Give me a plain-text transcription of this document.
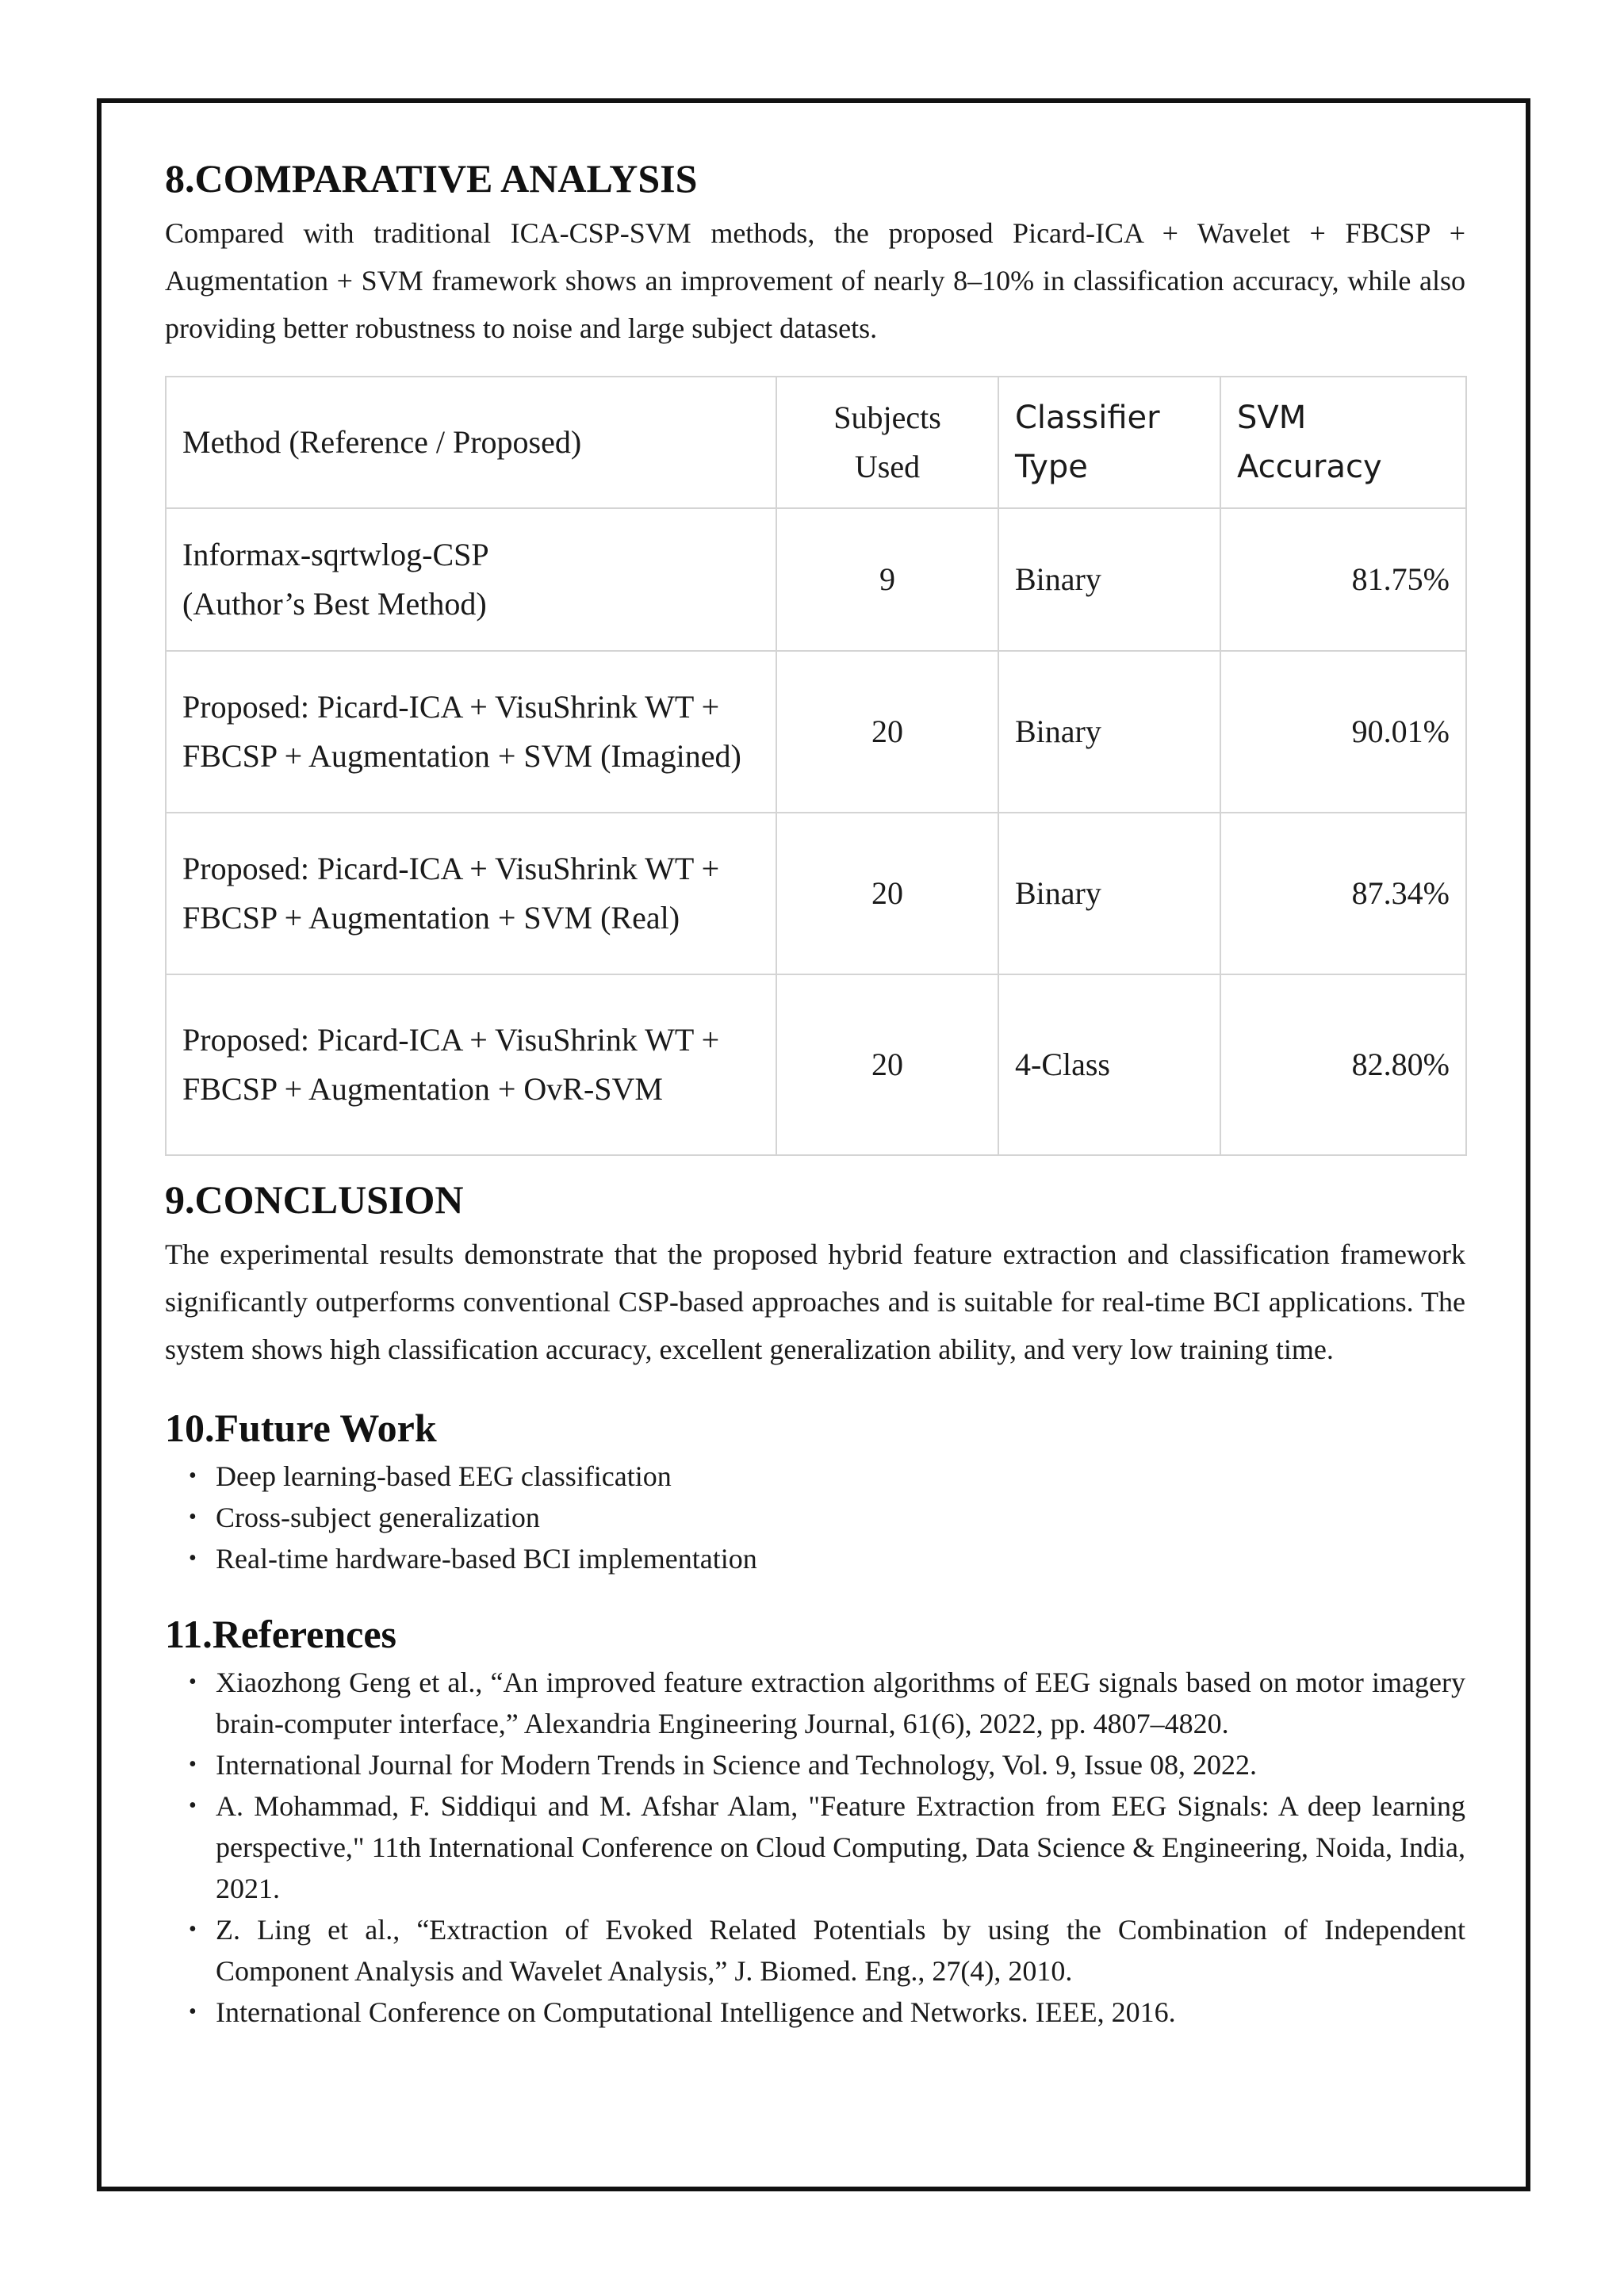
8.COMPARATIVE ANALYSIS

Compared with traditional ICA-CSP-SVM methods, the proposed Picard-ICA + Wavelet + FBCSP + Augmentation + SVM framework shows an improvement of nearly 8–10% in classification accuracy, while also providing better robustness to noise and large subject datasets.

Method (Reference / Proposed)	Subjects Used	Classifier Type	SVM Accuracy

Informax-sqrtwlog-CSP (Author’s Best Method)	9	Binary	81.75%
Proposed: Picard-ICA + VisuShrink WT + FBCSP + Augmentation + SVM (Imagined)	20	Binary	90.01%
Proposed: Picard-ICA + VisuShrink WT + FBCSP + Augmentation + SVM (Real)	20	Binary	87.34%
Proposed: Picard-ICA + VisuShrink WT + FBCSP + Augmentation + OvR-SVM	20	4-Class	82.80%
9.CONCLUSION

The experimental results demonstrate that the proposed hybrid feature extraction and classification framework significantly outperforms conventional CSP-based approaches and is suitable for real-time BCI applications. The system shows high classification accuracy, excellent generalization ability, and very low training time.

10.Future Work
• Deep learning-based EEG classification
• Cross-subject generalization
• Real-time hardware-based BCI implementation
11.References
• Xiaozhong Geng et al., “An improved feature extraction algorithms of EEG signals based on motor imagery brain-computer interface,” Alexandria Engineering Journal, 61(6), 2022, pp. 4807–4820.
• International Journal for Modern Trends in Science and Technology, Vol. 9, Issue 08, 2022.
• A. Mohammad, F. Siddiqui and M. Afshar Alam, "Feature Extraction from EEG Signals: A deep learning perspective," 11th International Conference on Cloud Computing, Data Science & Engineering, Noida, India, 2021.
• Z. Ling et al., “Extraction of Evoked Related Potentials by using the Combination of Independent Component Analysis and Wavelet Analysis,” J. Biomed. Eng., 27(4), 2010.
• International Conference on Computational Intelligence and Networks. IEEE, 2016.
